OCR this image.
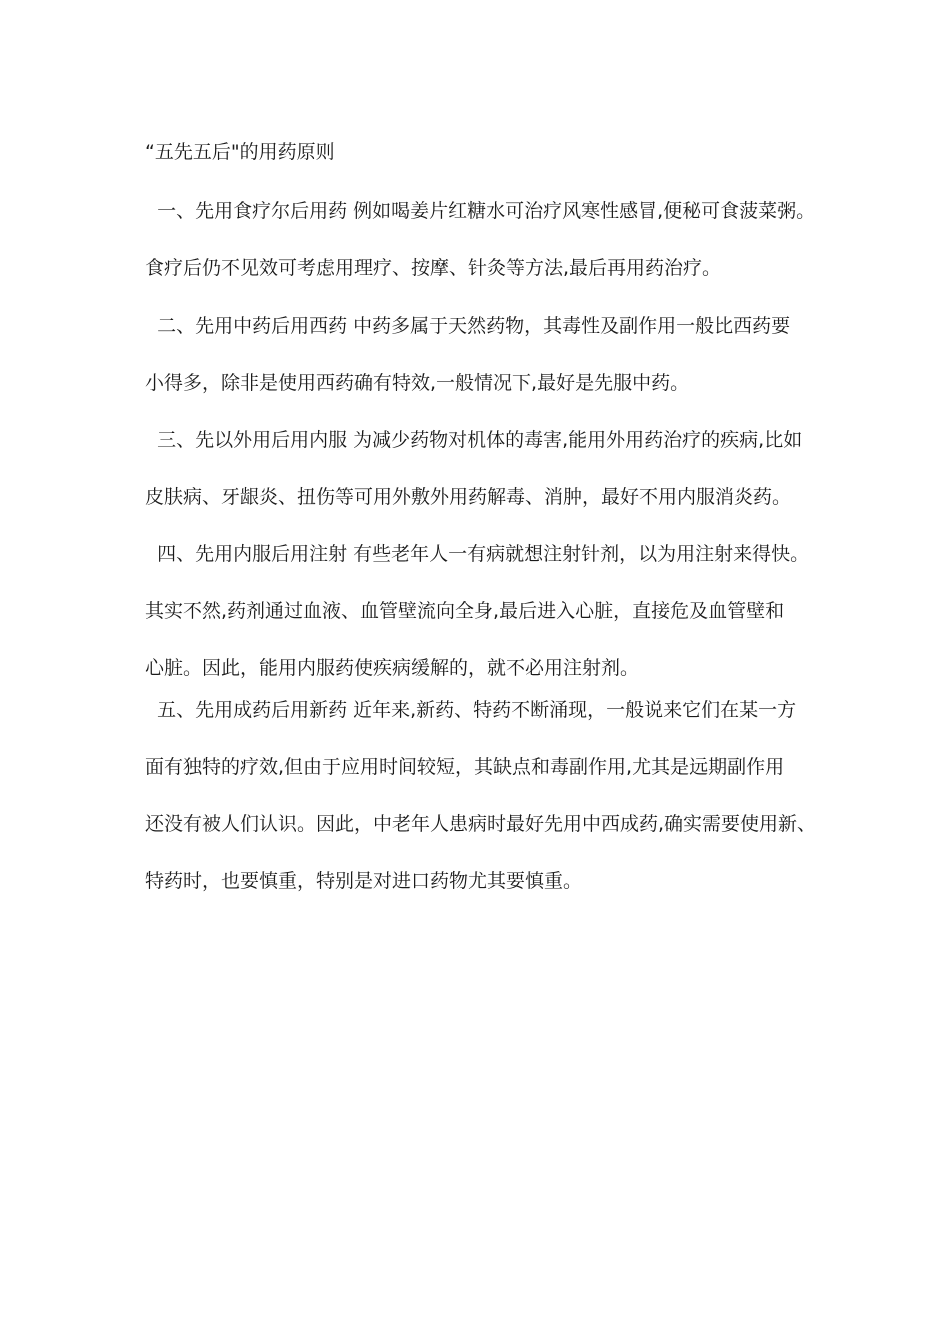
“五先五后"的用药原则
一、先用食疗尔后用药 例如喝姜片红糖水可治疗风寒性感冒,便秘可食菠菜粥。
食疗后仍不见效可考虑用理疗、按摩、针灸等方法,最后再用药治疗。
二、先用中药后用西药 中药多属于天然药物，其毒性及副作用一般比西药要
小得多，除非是使用西药确有特效,一般情况下,最好是先服中药。
三、先以外用后用内服 为减少药物对机体的毒害,能用外用药治疗的疾病,比如
皮肤病、牙龈炎、扭伤等可用外敷外用药解毒、消肿，最好不用内服消炎药。
四、先用内服后用注射 有些老年人一有病就想注射针剂，以为用注射来得快。
其实不然,药剂通过血液、血管壁流向全身,最后进入心脏，直接危及血管壁和
心脏。因此，能用内服药使疾病缓解的，就不必用注射剂。
五、先用成药后用新药 近年来,新药、特药不断涌现，一般说来它们在某一方
面有独特的疗效,但由于应用时间较短，其缺点和毒副作用,尤其是远期副作用
还没有被人们认识。因此，中老年人患病时最好先用中西成药,确实需要使用新、
特药时，也要慎重，特别是对进口药物尤其要慎重。
